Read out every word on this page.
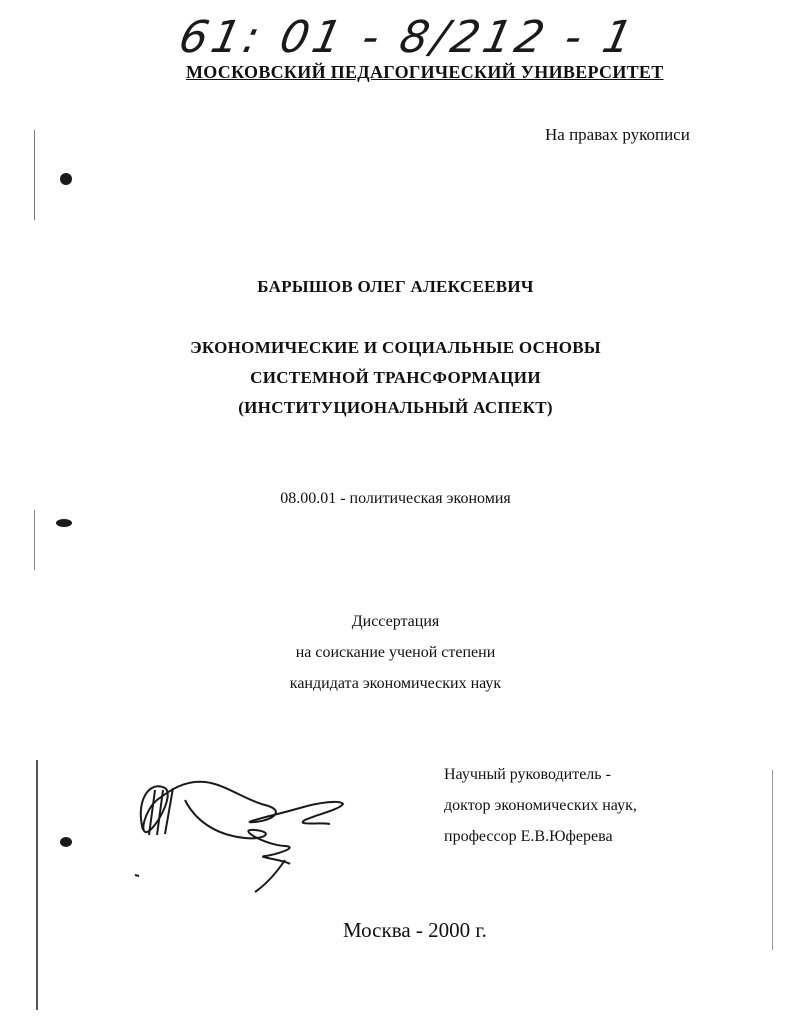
61: 01 - 8/212 - 1
МОСКОВСКИЙ ПЕДАГОГИЧЕСКИЙ УНИВЕРСИТЕТ
На правах рукописи
БАРЫШОВ ОЛЕГ АЛЕКСЕЕВИЧ
ЭКОНОМИЧЕСКИЕ И СОЦИАЛЬНЫЕ ОСНОВЫ
СИСТЕМНОЙ ТРАНСФОРМАЦИИ
(ИНСТИТУЦИОНАЛЬНЫЙ АСПЕКТ)
08.00.01 - политическая экономия
Диссертация
на соискание ученой степени
кандидата экономических наук
Научный руководитель -
доктор экономических наук,
профессор Е.В.Юферева
Москва - 2000 г.
